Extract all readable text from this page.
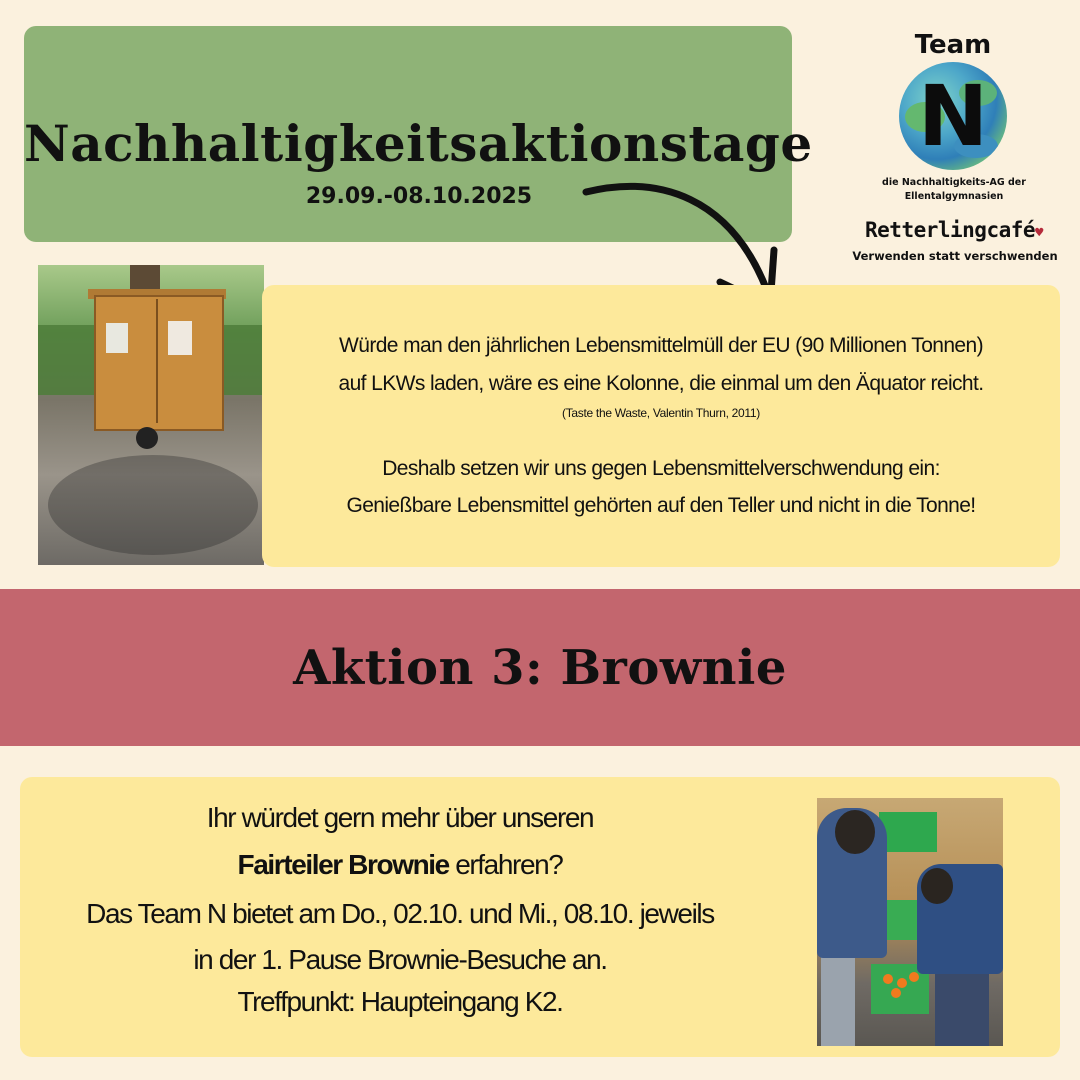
Nachhaltigkeitsaktionstage
29.09.-08.10.2025
Team
N
die Nachhaltigkeits-AG der
Ellentalgymnasien
Retterlingcafé♥
Verwenden statt verschwenden
Würde man den jährlichen Lebensmittelmüll der EU (90 Millionen Tonnen)
auf LKWs laden, wäre es eine Kolonne, die einmal um den Äquator reicht.
(Taste the Waste, Valentin Thurn, 2011)
Deshalb setzen wir uns gegen Lebensmittelverschwendung ein:
Genießbare Lebensmittel gehörten auf den Teller und nicht in die Tonne!
Aktion 3: Brownie
Ihr würdet gern mehr über unseren
Fairteiler Brownie erfahren?
Das Team N bietet am Do., 02.10. und Mi., 08.10. jeweils
in der 1. Pause Brownie-Besuche an.
Treffpunkt: Haupteingang K2.
